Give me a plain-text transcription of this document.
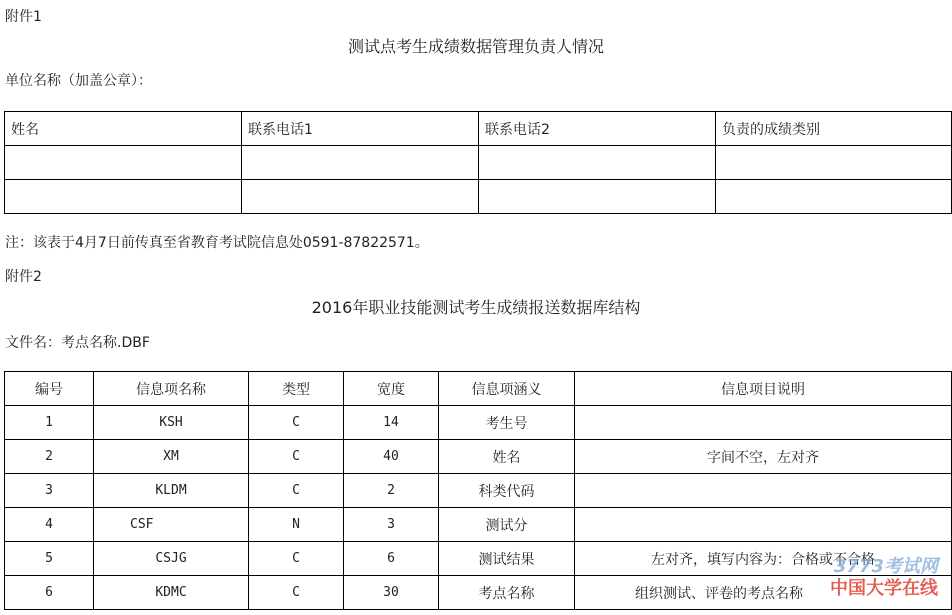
附件1
测试点考生成绩数据管理负责人情况
单位名称（加盖公章）：
姓名	联系电话1	联系电话2	负责的成绩类别

注：该表于4月7日前传真至省教育考试院信息处0591-87822571。
附件2
2016年职业技能测试考生成绩报送数据库结构
文件名：考点名称.DBF
编号	信息项名称	类型	宽度	信息项涵义	信息项目说明
1	KSH	C	14	考生号	
2	XM	C	40	姓名	字间不空，左对齐
3	KLDM	C	2	科类代码	
4	CSF	N	3	测试分	
5	CSJG	C	6	测试结果	左对齐，填写内容为：合格或不合格
6	KDMC	C	30	考点名称	组织测试、评卷的考点名称
3773考试网
中国大学在线
